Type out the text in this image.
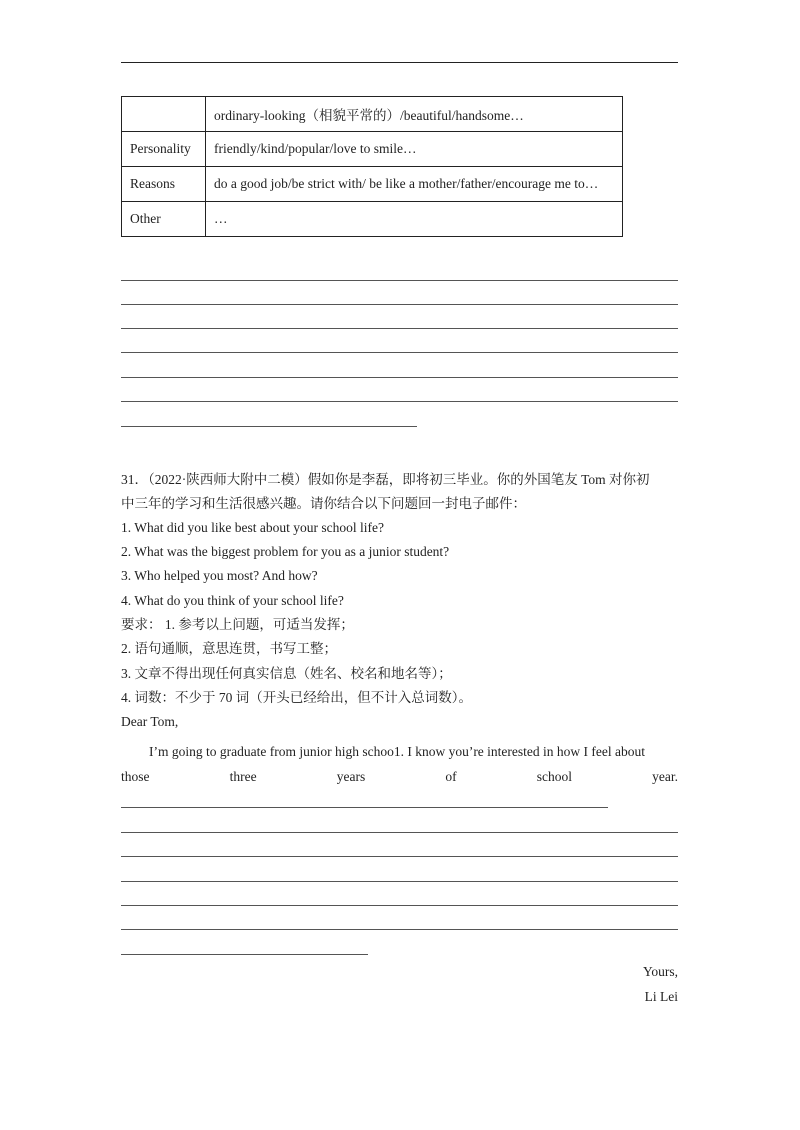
	ordinary-looking（相貌平常的）/beautiful/handsome…
Personality	friendly/kind/popular/love to smile…
Reasons	do a good job/be strict with/ be like a mother/father/encourage me to…
Other	…
31．（2022·陕西师大附中二模）假如你是李磊，即将初三毕业。你的外国笔友 Tom 对你初
中三年的学习和生活很感兴趣。请你结合以下问题回一封电子邮件：
1. What did you like best about your school life?
2. What was the biggest problem for you as a junior student?
3. Who helped you most? And how?
4. What do you think of your school life?
要求： 1. 参考以上问题，可适当发挥；
2. 语句通顺，意思连贯，书写工整；
3. 文章不得出现任何真实信息（姓名、校名和地名等）；
4. 词数：不少于 70 词（开头已经给出，但不计入总词数）。
Dear Tom,
I’m going to graduate from junior high schoo1. I know you’re interested in how I feel about
those	three	years	of	school	year.
Yours,
Li Lei
